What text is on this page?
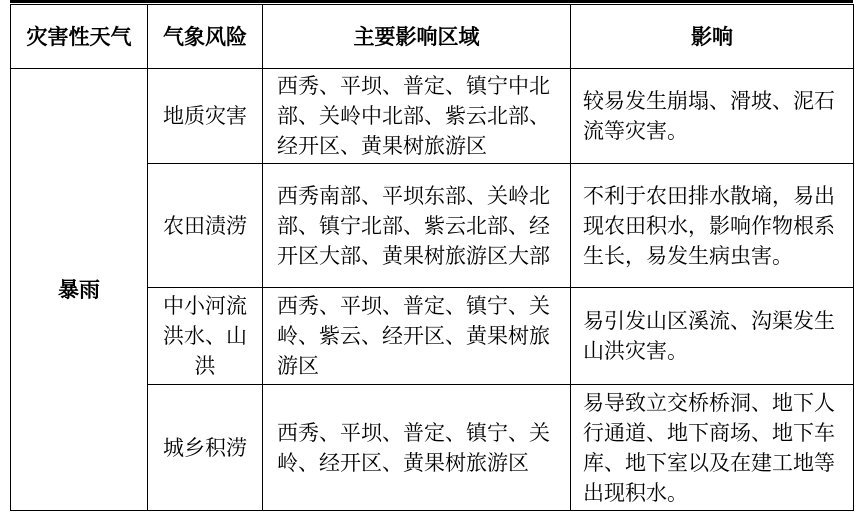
灾害性天气	气象风险	主要影响区域	影响
暴雨	地质灾害	西秀、平坝、普定、镇宁中北部、关岭中北部、紫云北部、经开区、黄果树旅游区	较易发生崩塌、滑坡、泥石流等灾害。
	农田渍涝	西秀南部、平坝东部、关岭北部、镇宁北部、紫云北部、经开区大部、黄果树旅游区大部	不利于农田排水散墒，易出现农田积水，影响作物根系生长，易发生病虫害。
	中小河流洪水、山洪	西秀、平坝、普定、镇宁、关岭、紫云、经开区、黄果树旅游区	易引发山区溪流、沟渠发生山洪灾害。
	城乡积涝	西秀、平坝、普定、镇宁、关岭、经开区、黄果树旅游区	易导致立交桥桥洞、地下人行通道、地下商场、地下车库、地下室以及在建工地等出现积水。
